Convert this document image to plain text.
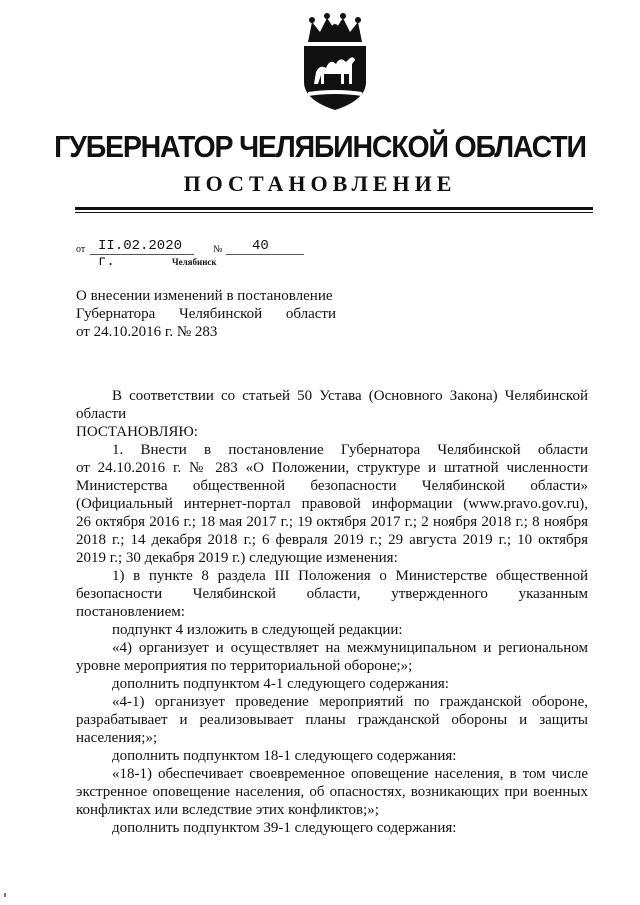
ГУБЕРНАТОР ЧЕЛЯБИНСКОЙ ОБЛАСТИ
ПОСТАНОВЛЕНИЕ
от II.02.2020 г.
№ 40
Челябинск
О внесении изменений в постановление
Губернатора Челябинской области
от 24.10.2016 г. № 283
В соответствии со статьей 50 Устава (Основного Закона) Челябинской
области
ПОСТАНОВЛЯЮ:
1. Внести в постановление Губернатора Челябинской области
от 24.10.2016 г. № 283 «О Положении, структуре и штатной численности
Министерства общественной безопасности Челябинской области»
(Официальный интернет-портал правовой информации (www.pravo.gov.ru),
26 октября 2016 г.; 18 мая 2017 г.; 19 октября 2017 г.; 2 ноября 2018 г.; 8 ноября
2018 г.; 14 декабря 2018 г.; 6 февраля 2019 г.; 29 августа 2019 г.; 10 октября
2019 г.; 30 декабря 2019 г.) следующие изменения:
1) в пункте 8 раздела III Положения о Министерстве общественной
безопасности Челябинской области, утвержденного указанным
постановлением:
подпункт 4 изложить в следующей редакции:
«4) организует и осуществляет на межмуниципальном и региональном
уровне мероприятия по территориальной обороне;»;
дополнить подпунктом 4-1 следующего содержания:
«4-1) организует проведение мероприятий по гражданской обороне,
разрабатывает и реализовывает планы гражданской обороны и защиты
населения;»;
дополнить подпунктом 18-1 следующего содержания:
«18-1) обеспечивает своевременное оповещение населения, в том числе
экстренное оповещение населения, об опасностях, возникающих при военных
конфликтах или вследствие этих конфликтов;»;
дополнить подпунктом 39-1 следующего содержания:
